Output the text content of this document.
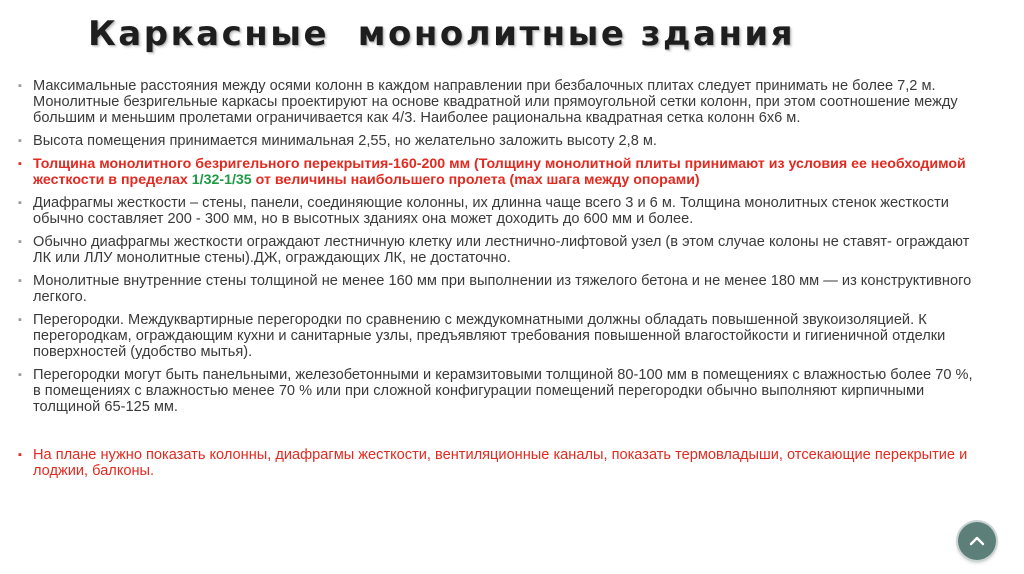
Каркасные  монолитные здания
▪ Максимальные расстояния между осями колонн в каждом направлении при безбалочных плитах следует принимать не более 7,2 м. Монолитные безригельные каркасы проектируют на основе квадратной или прямоугольной сетки колонн, при этом соотношение между большим и меньшим пролетами ограничивается как 4/3. Наиболее рациональна квадратная сетка колонн 6х6 м.
▪ Высота помещения принимается минимальная 2,55, но желательно заложить высоту 2,8 м.
▪ Толщина монолитного безригельного перекрытия-160-200 мм (Толщину монолитной плиты принимают из условия ее необходимой жесткости в пределах 1/32-1/35 от величины наибольшего пролета (max шага между опорами)
▪ Диафрагмы жесткости – стены, панели, соединяющие колонны, их длинна чаще всего 3 и 6 м. Толщина монолитных стенок жесткости обычно составляет 200 - 300 мм, но в высотных зданиях она может доходить до 600 мм и более.
▪ Обычно диафрагмы жесткости ограждают лестничную клетку или лестнично-лифтовой узел (в этом случае колоны не ставят- ограждают ЛК или ЛЛУ монолитные стены).ДЖ, ограждающих ЛК, не достаточно.
▪ Монолитные внутренние стены толщиной не менее 160 мм при выполнении из тяжелого бетона и не менее 180 мм — из конструктивного легкого.
▪ Перегородки. Междуквартирные перегородки по сравнению с междукомнатными должны обладать повышенной звукоизоляцией. К перегородкам, ограждающим кухни и санитарные узлы, предъявляют требования повышенной влагостойкости и гигиеничной отделки поверхностей (удобство мытья).
▪ Перегородки могут быть панельными, железобетонными и керамзитовыми толщиной 80-100 мм в помещениях с влажностью более 70 %, в помещениях с влажностью менее 70 % или при сложной конфигурации помещений перегородки обычно выполняют кирпичными толщиной 65-125 мм.
▪ На плане нужно показать колонны, диафрагмы жесткости, вентиляционные каналы, показать термовладыши, отсекающие перекрытие и лоджии, балконы.
